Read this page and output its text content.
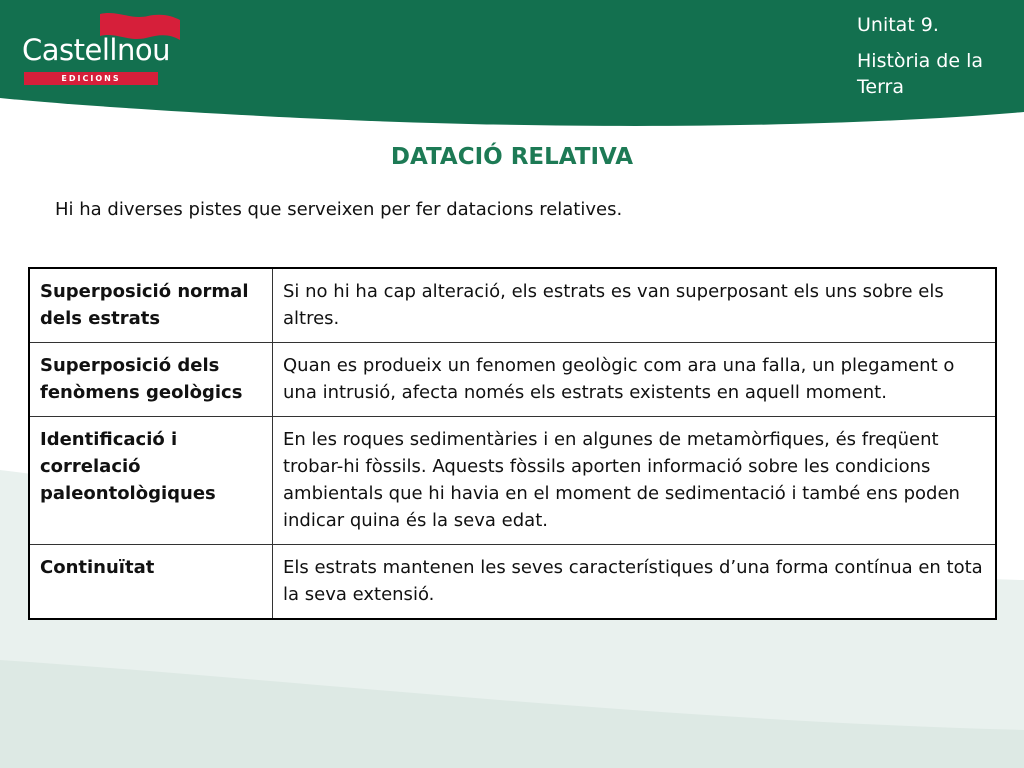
Castellnou
EDICIONS
Unitat 9.
Història de la Terra
DATACIÓ RELATIVA
Hi ha diverses pistes que serveixen per fer datacions relatives.
Superposició normal dels estrats	Si no hi ha cap alteració, els estrats es van superposant els uns sobre els altres.
Superposició dels fenòmens geològics	Quan es produeix un fenomen geològic com ara una falla, un plegament o una intrusió, afecta només els estrats existents en aquell moment.
Identificació i correlació paleontològiques	En les roques sedimentàries i en algunes de metamòrfiques, és freqüent trobar-hi fòssils. Aquests fòssils aporten informació sobre les condicions ambientals que hi havia en el moment de sedimentació i també ens poden indicar quina és la seva edat.
Continuïtat	Els estrats mantenen les seves característiques d’una forma contínua en tota la seva extensió.
